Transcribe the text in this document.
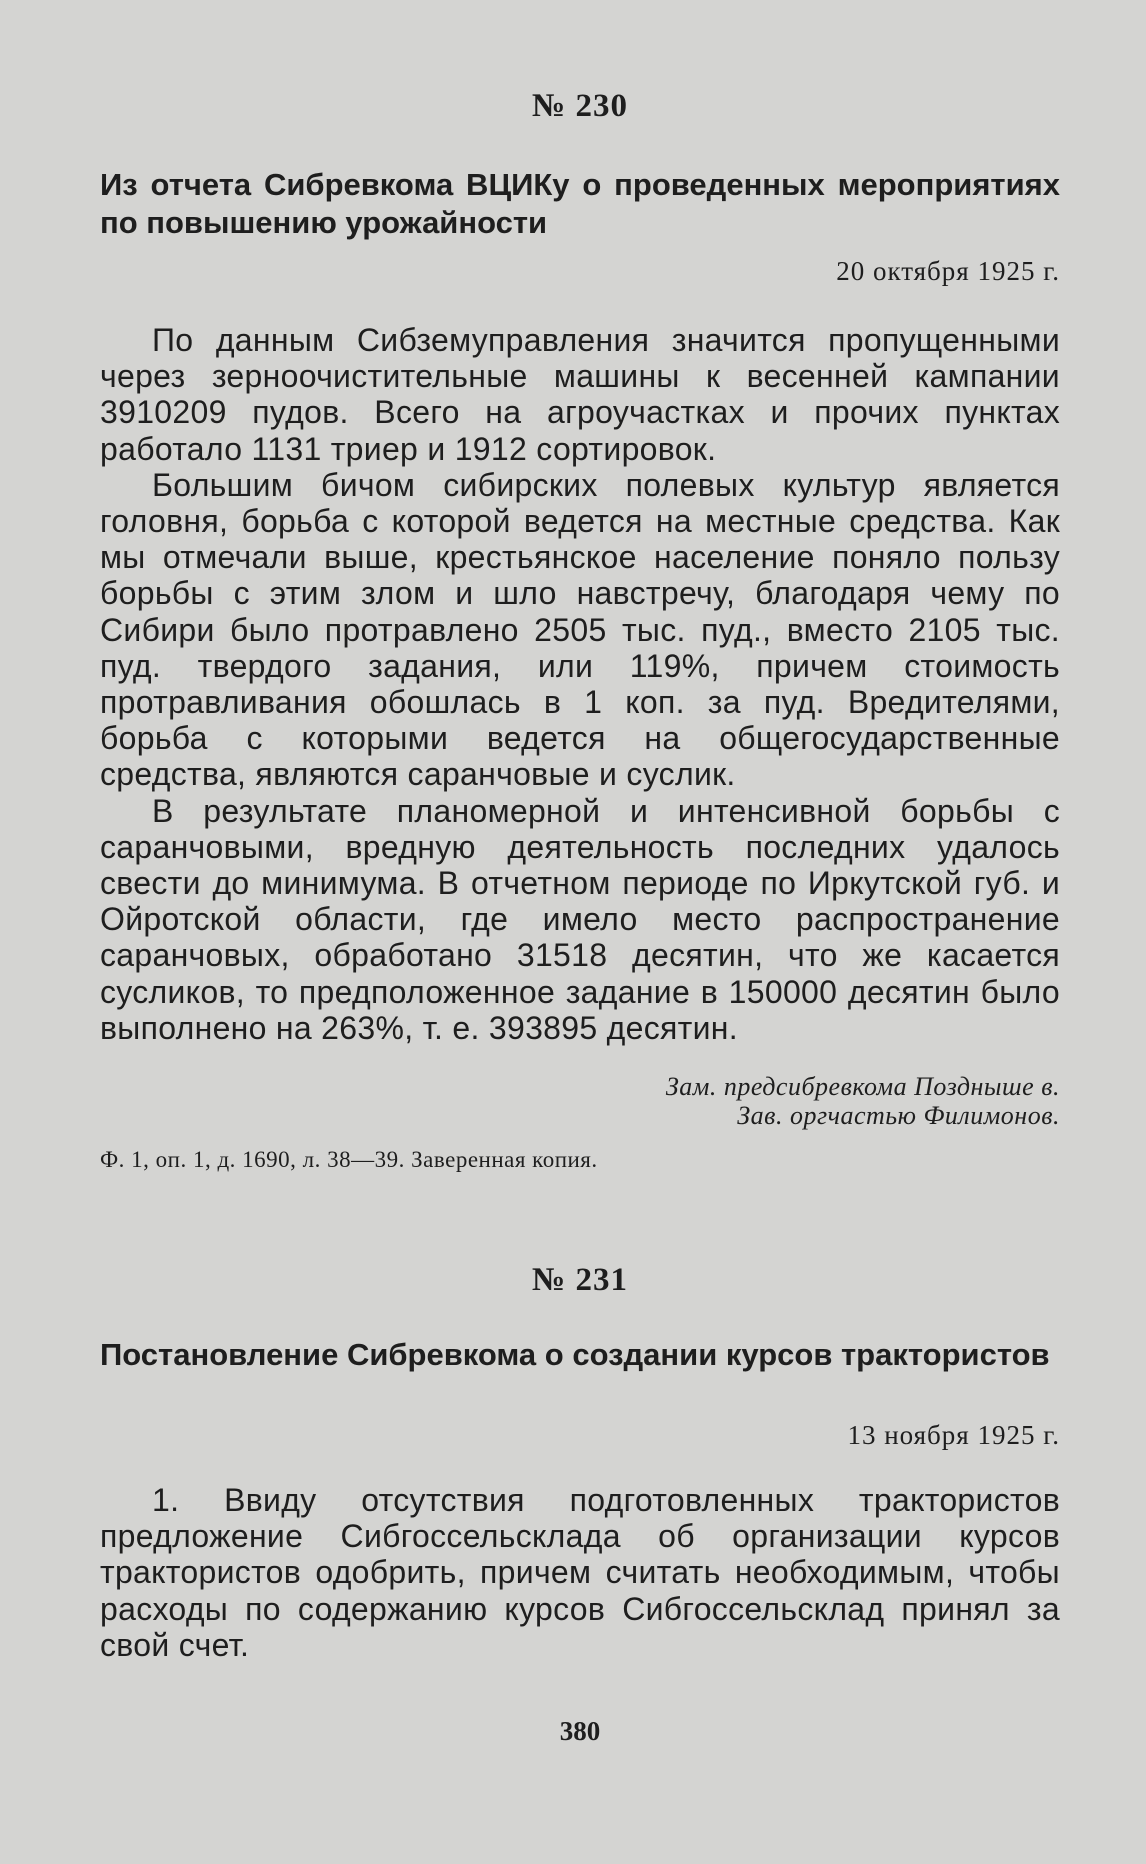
№ 230
Из отчета Сибревкома ВЦИКу о проведенных мероприятиях по повышению урожайности
20 октября 1925 г.

По данным Сибземуправления значится пропущенными через зерноочистительные машины к весенней кампании 3910209 пудов. Всего на агроучастках и прочих пунктах работало 1131 триер и 1912 сортировок.

Большим бичом сибирских полевых культур является головня, борьба с которой ведется на местные средства. Как мы отмечали выше, крестьянское население поняло пользу борьбы с этим злом и шло навстречу, благодаря чему по Сибири было протравлено 2505 тыс. пуд., вместо 2105 тыс. пуд. твердого задания, или 119%, причем стоимость протравливания обошлась в 1 коп. за пуд. Вредителями, борьба с которыми ведется на общегосударственные средства, являются саранчовые и суслик.

В результате планомерной и интенсивной борьбы с саранчовыми, вредную деятельность последних удалось свести до минимума. В отчетном периоде по Иркутской губ. и Ойротской области, где имело место распространение саранчовых, обработано 31518 десятин, что же касается сусликов, то предположенное задание в 150000 десятин было выполнено на 263%, т. е. 393895 десятин.

Зам. предсибревкома Поздныше в.
Зав. оргчастью Филимонов.
Ф. 1, оп. 1, д. 1690, л. 38—39. Заверенная копия.
№ 231
Постановление Сибревкома о создании курсов трактористов
13 ноября 1925 г.

1. Ввиду отсутствия подготовленных трактористов предложение Сибгоссельсклада об организации курсов трактористов одобрить, причем считать необходимым, чтобы расходы по содержанию курсов Сибгоссельсклад принял за свой счет.

380
